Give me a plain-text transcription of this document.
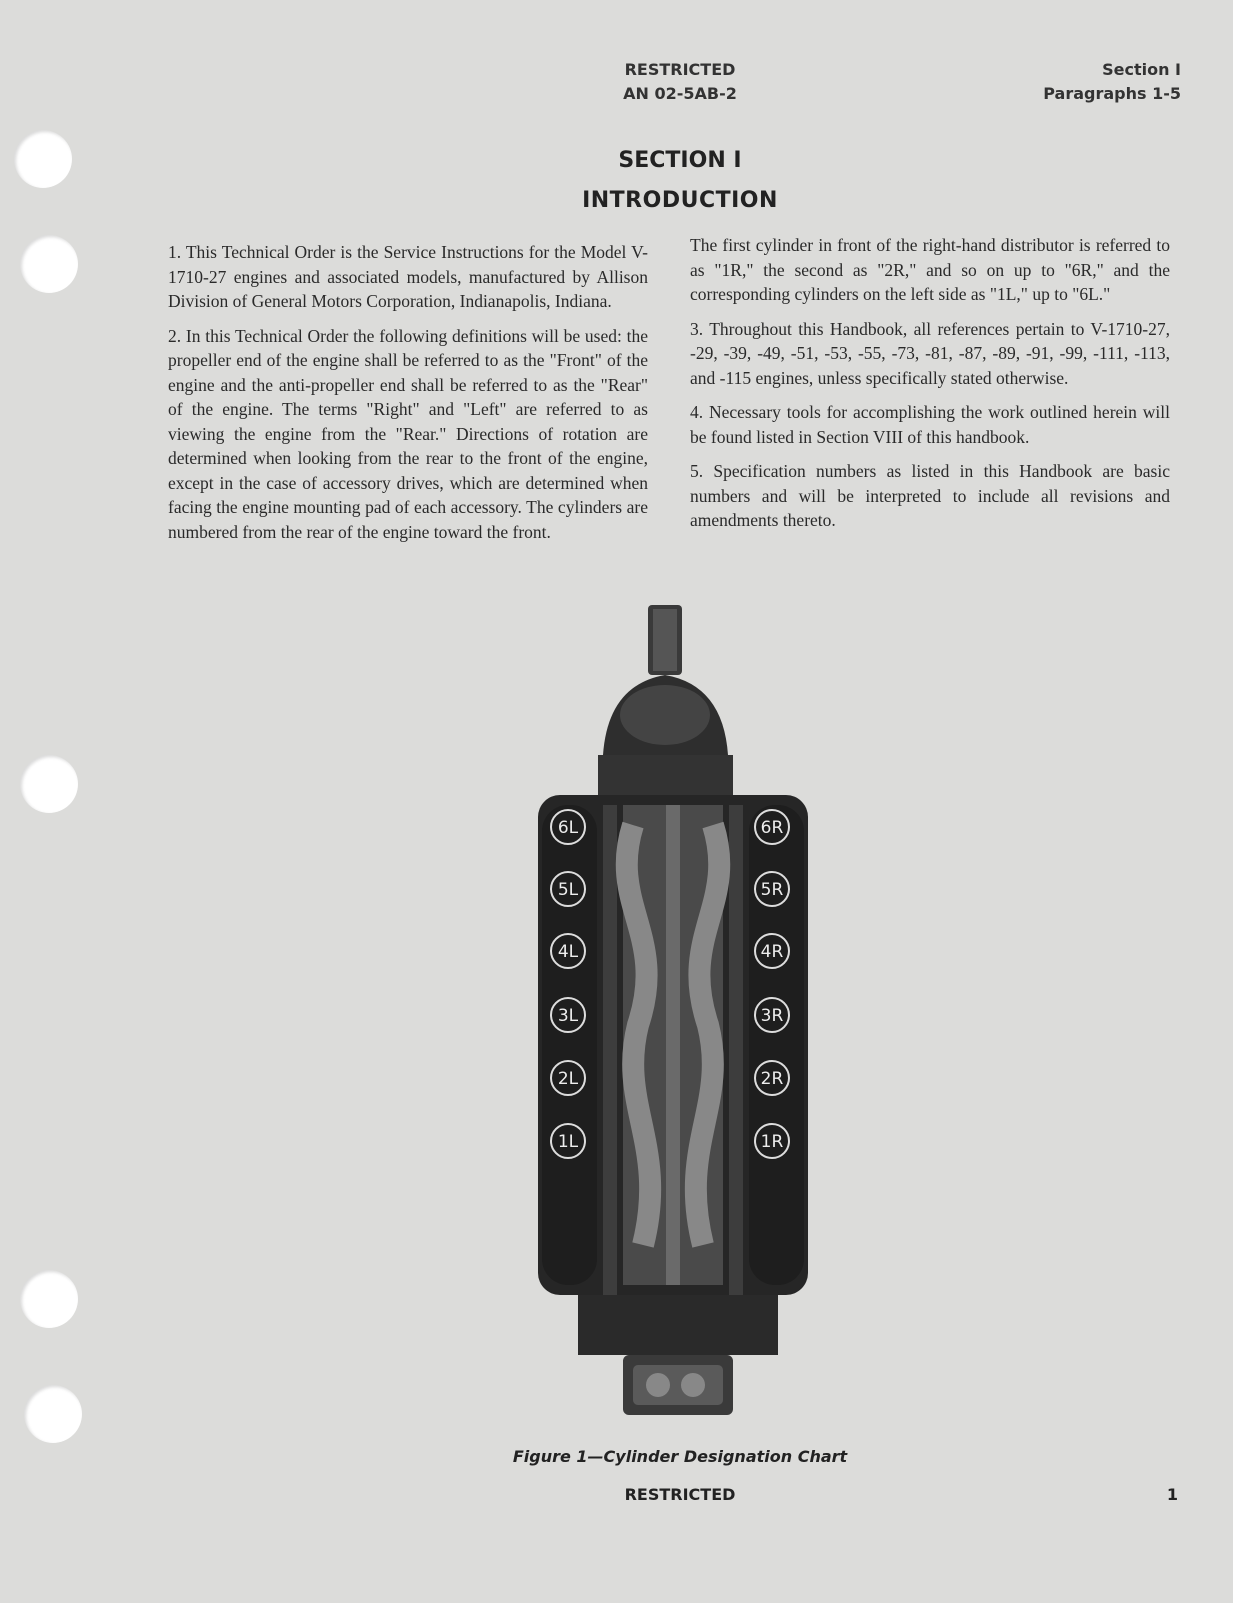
RESTRICTED
AN 02-5AB-2
Section I
Paragraphs 1-5
SECTION I
INTRODUCTION

1. This Technical Order is the Service Instructions for the Model V-1710-27 engines and associated models, manufactured by Allison Division of General Motors Corporation, Indianapolis, Indiana.

2. In this Technical Order the following definitions will be used: the propeller end of the engine shall be referred to as the "Front" of the engine and the anti-propeller end shall be referred to as the "Rear" of the engine. The terms "Right" and "Left" are referred to as viewing the engine from the "Rear." Directions of rotation are determined when looking from the rear to the front of the engine, except in the case of accessory drives, which are determined when facing the engine mounting pad of each accessory. The cylinders are numbered from the rear of the engine toward the front.

The first cylinder in front of the right-hand distributor is referred to as "1R," the second as "2R," and so on up to "6R," and the corresponding cylinders on the left side as "1L," up to "6L."

3. Throughout this Handbook, all references pertain to V-1710-27, -29, -39, -49, -51, -53, -55, -73, -81, -87, -89, -91, -99, -111, -113, and -115 engines, unless specifically stated otherwise.

4. Necessary tools for accomplishing the work outlined herein will be found listed in Section VIII of this handbook.

5. Specification numbers as listed in this Handbook are basic numbers and will be interpreted to include all revisions and amendments thereto.

6L
5L
4L
3L
2L
1L
6R
5R
4R
3R
2R
1R
Figure 1—Cylinder Designation Chart
RESTRICTED	1
